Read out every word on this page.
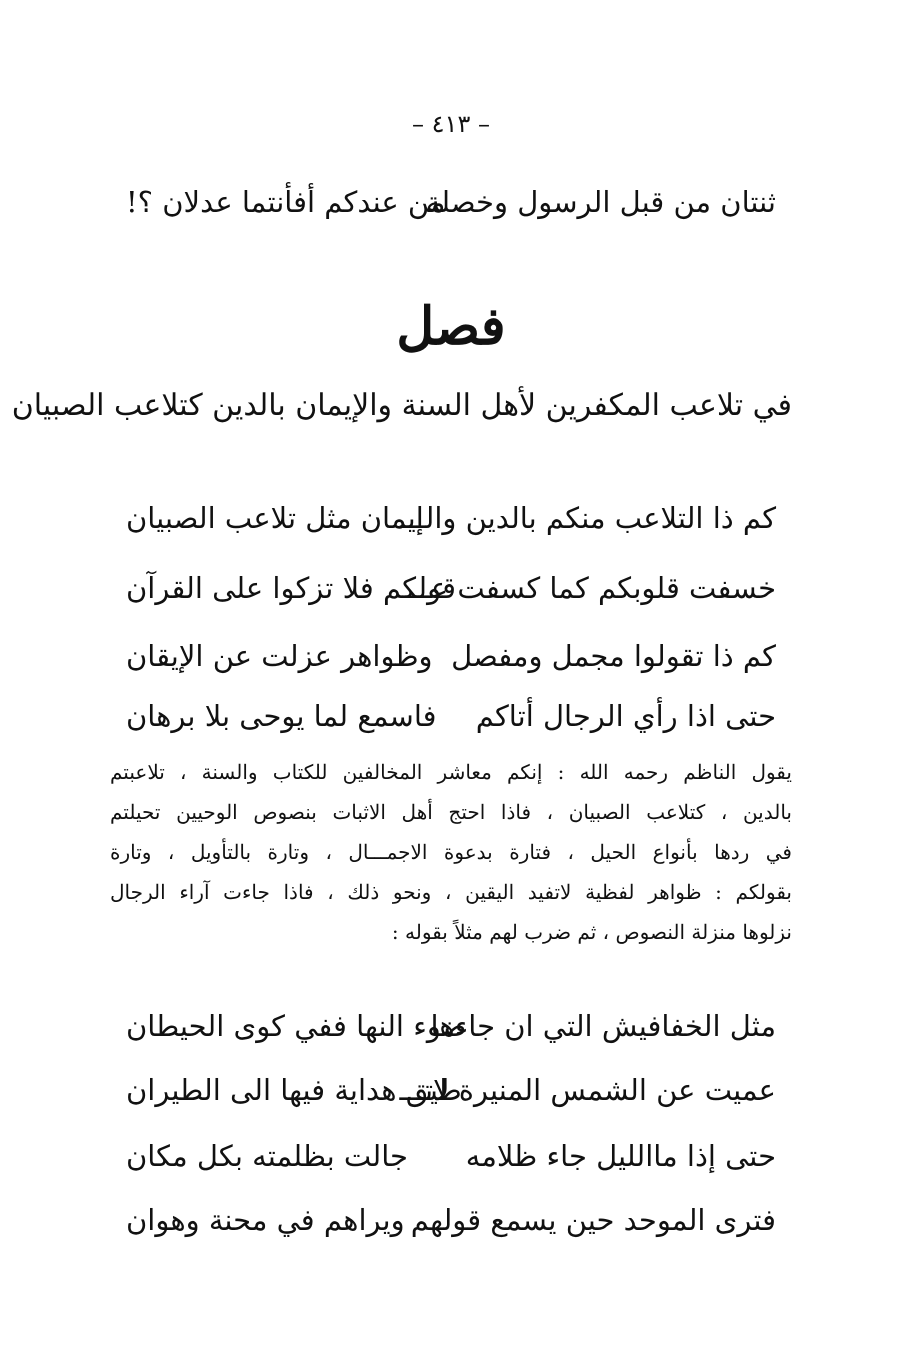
– ٤١٣ –
ثنتان من قبل الرسول وخصلة
من عندكم أفأنتما عدلان ؟!
فصل
في تلاعب المكفرين لأهل السنة والإيمان بالدين كتلاعب الصبيان
كم ذا التلاعب منكم بالدين والـــ
إيمان مثل تلاعب الصبيان
خسفت قلوبكم كما كسفت عـــ
قولكم فلا تزكوا على القرآن
كم ذا تقولوا مجمل ومفصل
وظواهر عزلت عن الإيقان
حتى اذا رأي الرجال أتاكم
فاسمع لما يوحى بلا برهان

يقول الناظم رحمه الله : إنكم معاشر المخالفين للكتاب والسنة ، تلاعبتم

بالدين ، كتلاعب الصبيان ، فاذا احتج أهل الاثبات بنصوص الوحيين تحيلتم

في ردها بأنواع الحيل ، فتارة بدعوة الاجمـــال ، وتارة بالتأويل ، وتارة

بقولكم : ظواهر لفظية لاتفيد اليقين ، ونحو ذلك ، فاذا جاءت آراء الرجال

نزلوها منزلة النصوص ، ثم ضرب لهم مثلاً بقوله :

مثل الخفافيش التي ان جاءها
ضوء النها ففي كوى الحيطان
عميت عن الشمس المنيرة لاتـــ
طيق هداية فيها الى الطيران
حتى إذا ماالليل جاء ظلامه
جالت بظلمته بكل مكان
فترى الموحد حين يسمع قولهم
ويراهم في محنة وهوان
